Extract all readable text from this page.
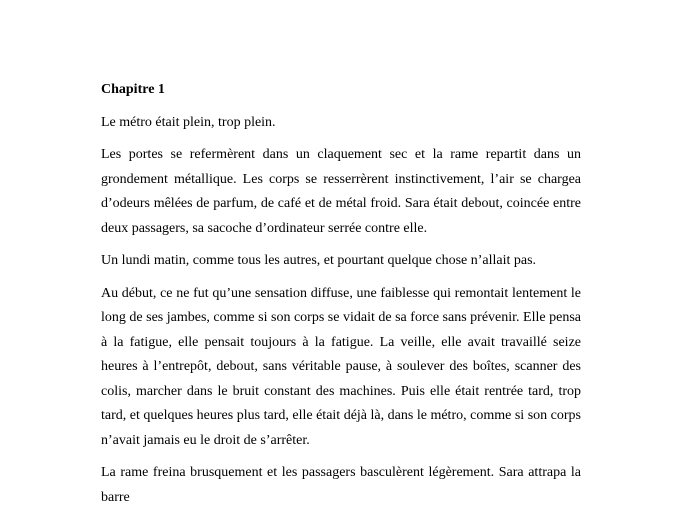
Chapitre 1

Le métro était plein, trop plein.

Les portes se refermèrent dans un claquement sec et la rame repartit dans un grondement métallique. Les corps se resserrèrent instinctivement, l’air se chargea d’odeurs mêlées de parfum, de café et de métal froid. Sara était debout, coincée entre deux passagers, sa sacoche d’ordinateur serrée contre elle.

Un lundi matin, comme tous les autres, et pourtant quelque chose n’allait pas.

Au début, ce ne fut qu’une sensation diffuse, une faiblesse qui remontait lentement le long de ses jambes, comme si son corps se vidait de sa force sans prévenir. Elle pensa à la fatigue, elle pensait toujours à la fatigue. La veille, elle avait travaillé seize heures à l’entrepôt, debout, sans véritable pause, à soulever des boîtes, scanner des colis, marcher dans le bruit constant des machines. Puis elle était rentrée tard, trop tard, et quelques heures plus tard, elle était déjà là, dans le métro, comme si son corps n’avait jamais eu le droit de s’arrêter.

La rame freina brusquement et les passagers basculèrent légèrement. Sara attrapa la barre
